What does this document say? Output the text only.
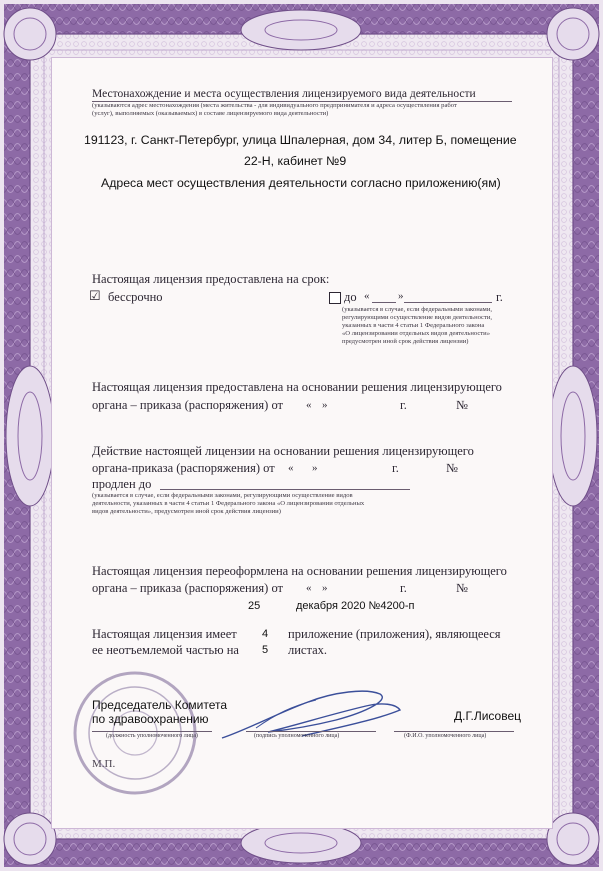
Местонахождение и места осуществления лицензируемого вида деятельности

(указываются адрес местонахождения (места жительства - для индивидуального предпринимателя и адреса осуществления работ

(услуг), выполняемых (оказываемых) в составе лицензируемого вида деятельности)

191123, г. Санкт-Петербург, улица Шпалерная, дом 34, литер Б, помещение

22-Н, кабинет №9

Адреса мест осуществления деятельности согласно приложению(ям)

Настоящая лицензия предоставлена на срок:

☑ бессрочно	до «	»	г.

(указывается в случае, если федеральными законами,

регулирующими осуществление видов деятельности,

указанных в части 4 статьи 1 Федерального закона

«О лицензировании отдельных видов деятельности»

предусмотрен иной срок действия лицензии)

Настоящая лицензия предоставлена на основании решения лицензирующего

органа – приказа (распоряжения) от « »	г.	№

Действие настоящей лицензии на основании решения лицензирующего

органа-приказа (распоряжения) от « »	г.	№

продлен до

(указывается в случае, если федеральными законами, регулирующими осуществление видов

деятельности, указанных в части 4 статьи 1 Федерального закона «О лицензировании отдельных

видов деятельности», предусмотрен иной срок действия лицензии)

Настоящая лицензия переоформлена на основании решения лицензирующего

органа – приказа (распоряжения) от « »	г.	№
25	декабря 2020 №4200-п

Настоящая лицензия имеет 4 приложение (приложения), являющееся

ее неотъемлемой частью на 5 листах.

Председатель Комитета

по здравоохранению	Д.Г.Лисовец

(должность уполномоченного лица)	(подпись уполномоченного лица)	(Ф.И.О. уполномоченного лица)

М.П.
